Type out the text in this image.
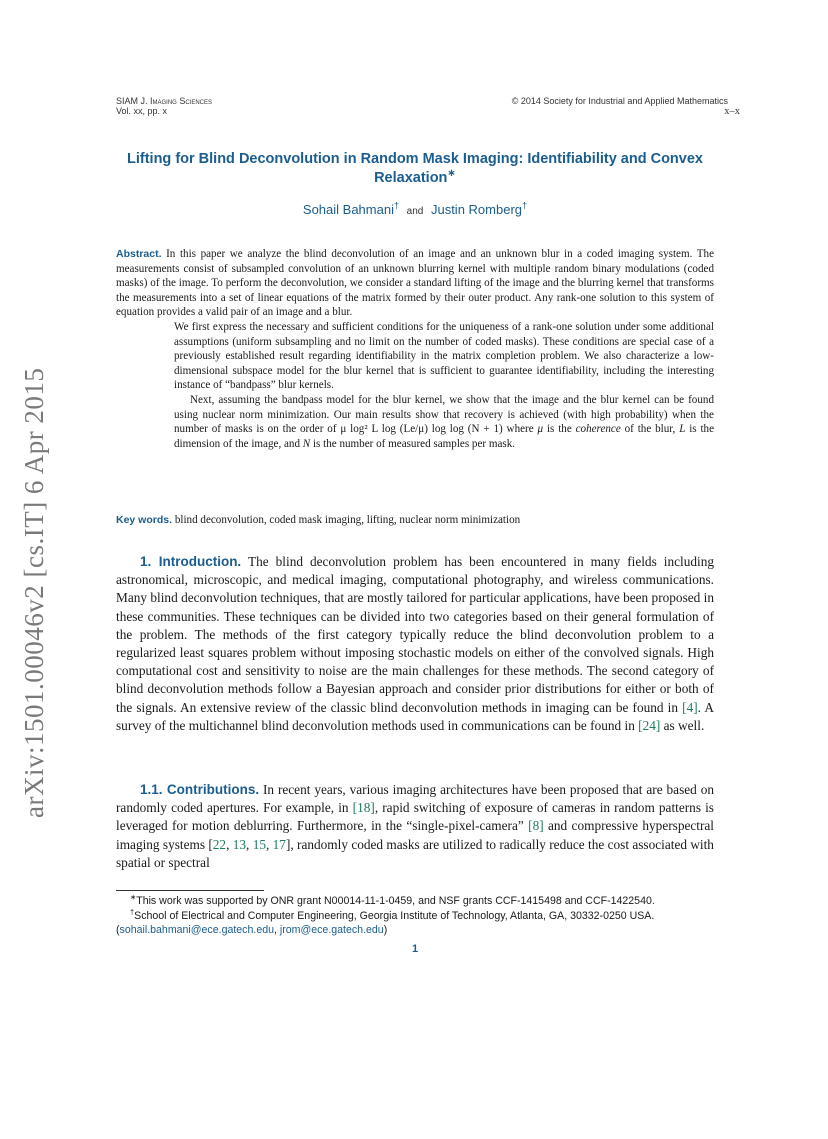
arXiv:1501.00046v2 [cs.IT] 6 Apr 2015
SIAM J. Imaging Sciences
Vol. xx, pp. x
© 2014 Society for Industrial and Applied Mathematics
x–x
Lifting for Blind Deconvolution in Random Mask Imaging: Identifiability and Convex Relaxation∗
Sohail Bahmani† and Justin Romberg†

Abstract. In this paper we analyze the blind deconvolution of an image and an unknown blur in a coded imaging system. The measurements consist of subsampled convolution of an unknown blurring kernel with multiple random binary modulations (coded masks) of the image. To perform the deconvolution, we consider a standard lifting of the image and the blurring kernel that transforms the measurements into a set of linear equations of the matrix formed by their outer product. Any rank-one solution to this system of equation provides a valid pair of an image and a blur.

We first express the necessary and sufficient conditions for the uniqueness of a rank-one solution under some additional assumptions (uniform subsampling and no limit on the number of coded masks). These conditions are special case of a previously established result regarding identifiability in the matrix completion problem. We also characterize a low-dimensional subspace model for the blur kernel that is sufficient to guarantee identifiability, including the interesting instance of “bandpass” blur kernels.

Next, assuming the bandpass model for the blur kernel, we show that the image and the blur kernel can be found using nuclear norm minimization. Our main results show that recovery is achieved (with high probability) when the number of masks is on the order of μ log² L log (Le/μ) log log (N + 1) where μ is the coherence of the blur, L is the dimension of the image, and N is the number of measured samples per mask.

Key words. blind deconvolution, coded mask imaging, lifting, nuclear norm minimization

1. Introduction. The blind deconvolution problem has been encountered in many fields including astronomical, microscopic, and medical imaging, computational photography, and wireless communications. Many blind deconvolution techniques, that are mostly tailored for particular applications, have been proposed in these communities. These techniques can be divided into two categories based on their general formulation of the problem. The methods of the first category typically reduce the blind deconvolution problem to a regularized least squares problem without imposing stochastic models on either of the convolved signals. High computational cost and sensitivity to noise are the main challenges for these methods. The second category of blind deconvolution methods follow a Bayesian approach and consider prior distributions for either or both of the signals. An extensive review of the classic blind deconvolution methods in imaging can be found in [4]. A survey of the multichannel blind deconvolution methods used in communications can be found in [24] as well.

1.1. Contributions. In recent years, various imaging architectures have been proposed that are based on randomly coded apertures. For example, in [18], rapid switching of exposure of cameras in random patterns is leveraged for motion deblurring. Furthermore, in the “single-pixel-camera” [8] and compressive hyperspectral imaging systems [22, 13, 15, 17], randomly coded masks are utilized to radically reduce the cost associated with spatial or spectral

∗This work was supported by ONR grant N00014-11-1-0459, and NSF grants CCF-1415498 and CCF-1422540.
†School of Electrical and Computer Engineering, Georgia Institute of Technology, Atlanta, GA, 30332-0250 USA.
(sohail.bahmani@ece.gatech.edu, jrom@ece.gatech.edu)
1
